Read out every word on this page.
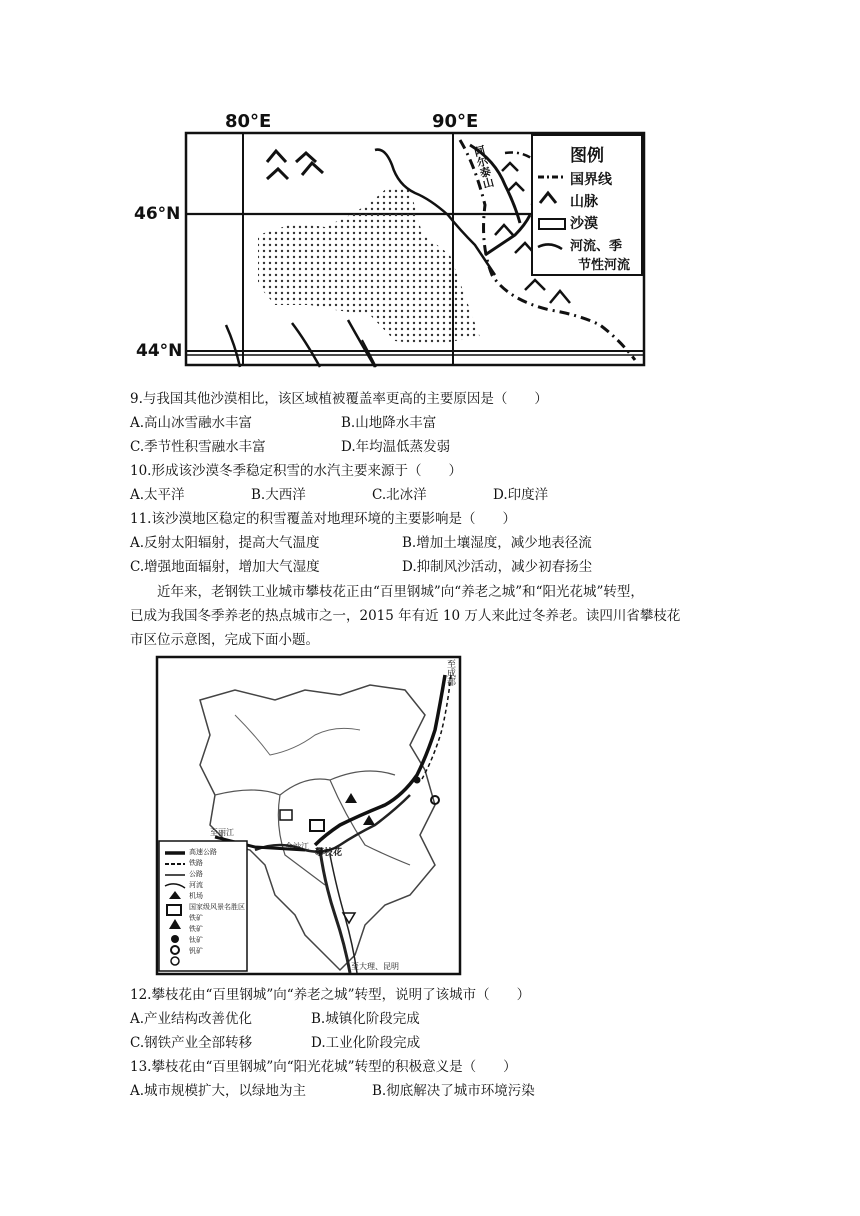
80°E	90°E
46°N
44°N
阿尔泰山	图例
国界线
山脉
沙漠
河流、季
节性河流
9.与我国其他沙漠相比，该区域植被覆盖率更高的主要原因是（　　）
A.高山冰雪融水丰富	B.山地降水丰富
C.季节性积雪融水丰富	D.年均温低蒸发弱
10.形成该沙漠冬季稳定积雪的水汽主要来源于（　　）
A.太平洋	B.大西洋	C.北冰洋	D.印度洋
11.该沙漠地区稳定的积雪覆盖对地理环境的主要影响是（　　）
A.反射太阳辐射，提高大气温度	B.增加土壤湿度，减少地表径流
C.增强地面辐射，增加大气湿度	D.抑制风沙活动，减少初春扬尘
近年来，老钢铁工业城市攀枝花正由“百里钢城”向“养老之城”和“阳光花城”转型，
已成为我国冬季养老的热点城市之一，2015 年有近 10 万人来此过冬养老。读四川省攀枝花
市区位示意图，完成下面小题。
至成都
至丽江
攀枝花
金沙江
至大理、昆明
高速公路
铁路
公路
河流
机场
国家级风景名胜区
铁矿
铁矿
钛矿
钒矿
12.攀枝花由“百里钢城”向“养老之城”转型，说明了该城市（　　）
A.产业结构改善优化	B.城镇化阶段完成
C.钢铁产业全部转移	D.工业化阶段完成
13.攀枝花由“百里钢城”向“阳光花城”转型的积极意义是（　　）
A.城市规模扩大，以绿地为主	B.彻底解决了城市环境污染
